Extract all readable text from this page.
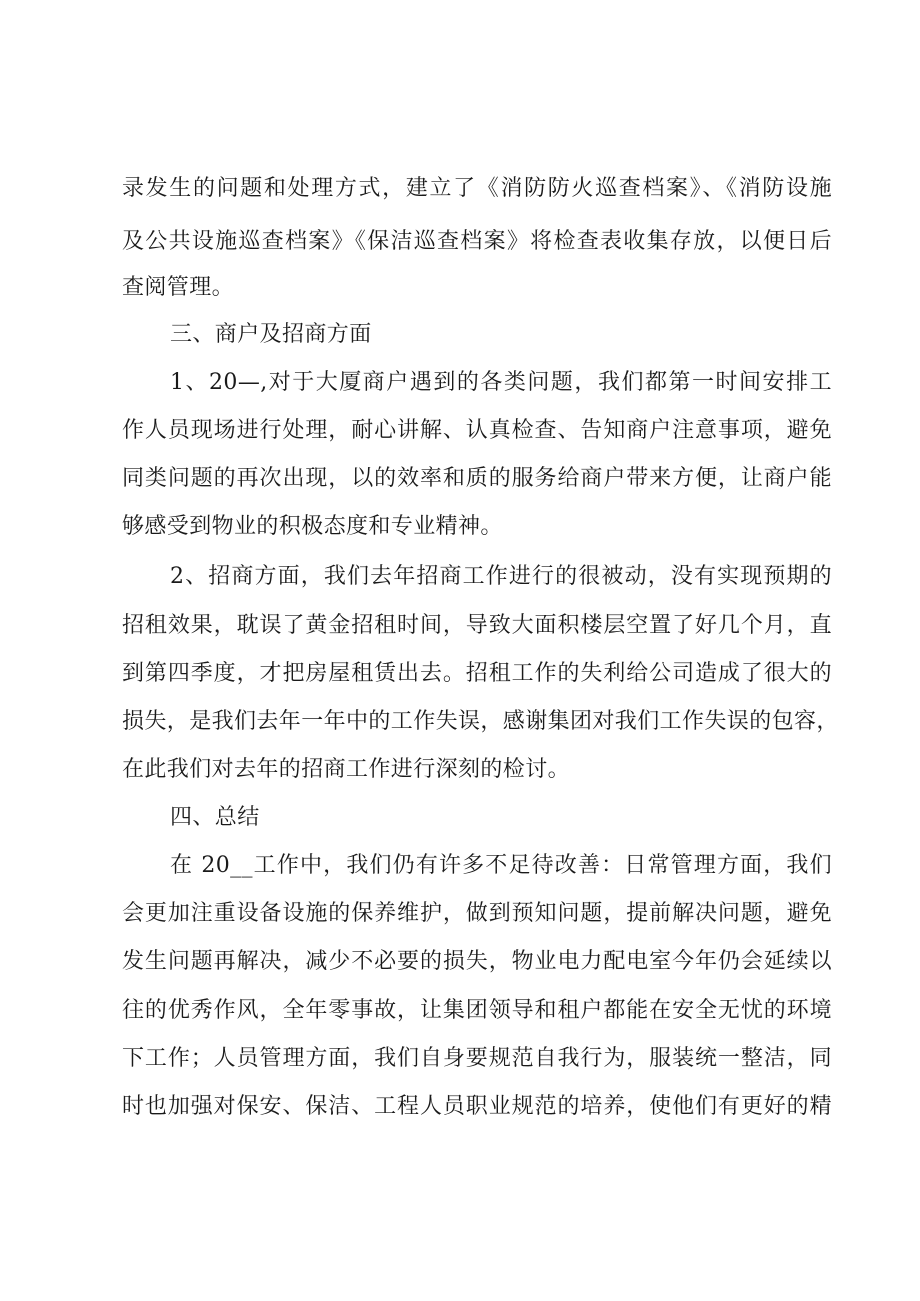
录发生的问题和处理方式，建立了《消防防火巡查档案》、《消防设施
及公共设施巡查档案》《保洁巡查档案》将检查表收集存放，以便日后
查阅管理。
三、商户及招商方面
1、20—,对于大厦商户遇到的各类问题，我们都第一时间安排工
作人员现场进行处理，耐心讲解、认真检查、告知商户注意事项，避免
同类问题的再次出现，以的效率和质的服务给商户带来方便，让商户能
够感受到物业的积极态度和专业精神。
2、招商方面，我们去年招商工作进行的很被动，没有实现预期的
招租效果，耽误了黄金招租时间，导致大面积楼层空置了好几个月，直
到第四季度，才把房屋租赁出去。招租工作的失利给公司造成了很大的
损失，是我们去年一年中的工作失误，感谢集团对我们工作失误的包容，
在此我们对去年的招商工作进行深刻的检讨。
四、总结
在 20__工作中，我们仍有许多不足待改善：日常管理方面，我们
会更加注重设备设施的保养维护，做到预知问题，提前解决问题，避免
发生问题再解决，减少不必要的损失，物业电力配电室今年仍会延续以
往的优秀作风，全年零事故，让集团领导和租户都能在安全无忧的环境
下工作；人员管理方面，我们自身要规范自我行为，服装统一整洁，同
时也加强对保安、保洁、工程人员职业规范的培养，使他们有更好的精
